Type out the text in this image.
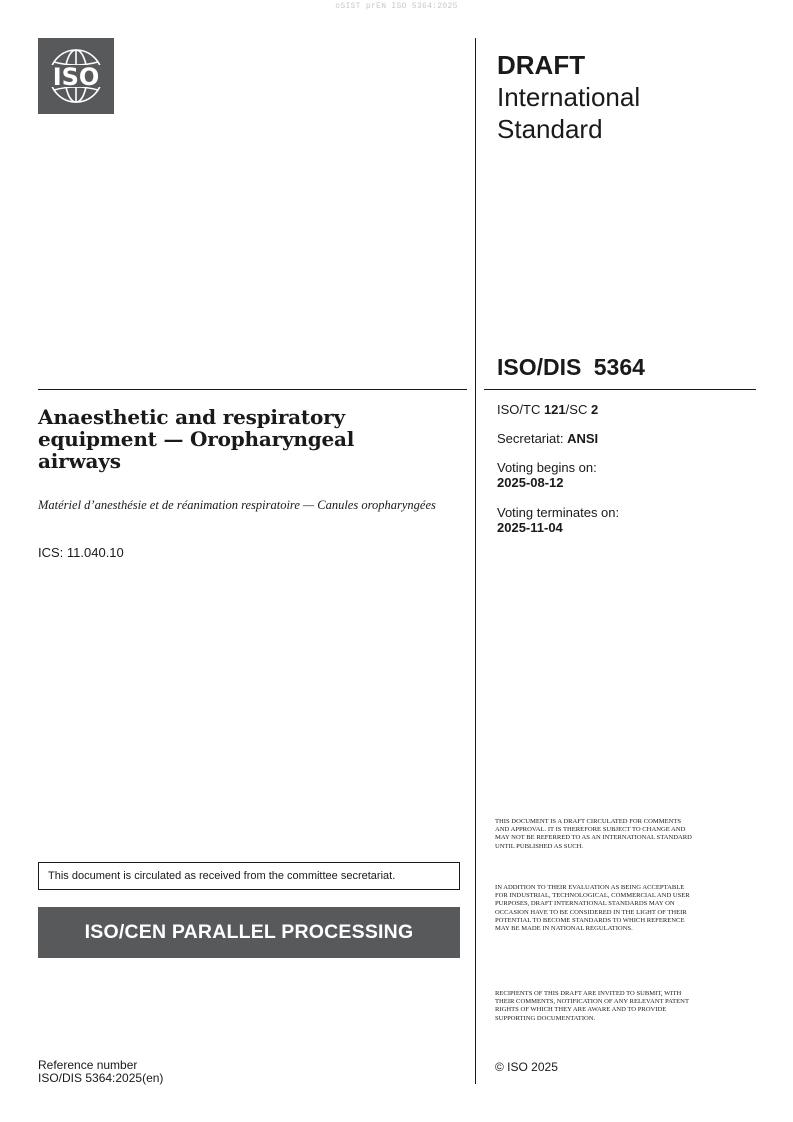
oSIST prEN ISO 5364:2025
ISO	DRAFT
International
Standard
ISO/DIS 5364
Anaesthetic and respiratory equipment — Oropharyngeal airways
Matériel d’anesthésie et de réanimation respiratoire — Canules oropharyngées
ICS: 11.040.10
ISO/TC 121/SC 2
Secretariat: ANSI
Voting begins on:
2025-08-12
Voting terminates on:
2025-11-04
This document is circulated as received from the committee secretariat.
ISO/CEN PARALLEL PROCESSING
Reference number
ISO/DIS 5364:2025(en)
THIS DOCUMENT IS A DRAFT CIRCULATED FOR COMMENTS AND APPROVAL. IT IS THEREFORE SUBJECT TO CHANGE AND MAY NOT BE REFERRED TO AS AN INTERNATIONAL STANDARD UNTIL PUBLISHED AS SUCH.
IN ADDITION TO THEIR EVALUATION AS BEING ACCEPTABLE FOR INDUSTRIAL, TECHNOLOGICAL, COMMERCIAL AND USER PURPOSES, DRAFT INTERNATIONAL STANDARDS MAY ON OCCASION HAVE TO BE CONSIDERED IN THE LIGHT OF THEIR POTENTIAL TO BECOME STANDARDS TO WHICH REFERENCE MAY BE MADE IN NATIONAL REGULATIONS.
RECIPIENTS OF THIS DRAFT ARE INVITED TO SUBMIT, WITH THEIR COMMENTS, NOTIFICATION OF ANY RELEVANT PATENT RIGHTS OF WHICH THEY ARE AWARE AND TO PROVIDE SUPPORTING DOCUMENTATION.
© ISO 2025
